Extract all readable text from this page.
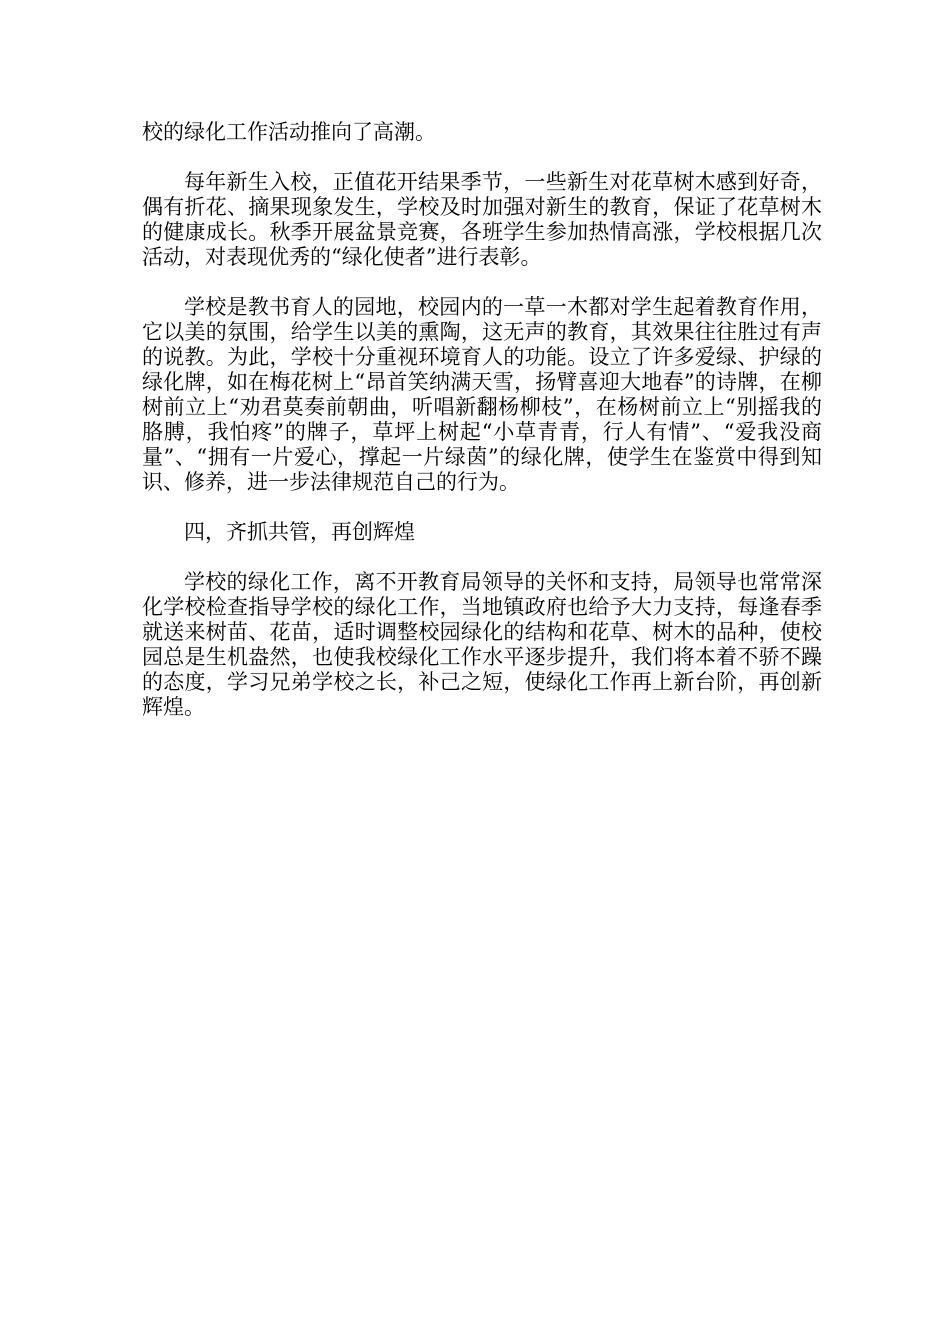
校的绿化工作活动推向了高潮。

每年新生入校，正值花开结果季节，一些新生对花草树木感到好奇，偶有折花、摘果现象发生，学校及时加强对新生的教育，保证了花草树木的健康成长。秋季开展盆景竞赛，各班学生参加热情高涨，学校根据几次活动，对表现优秀的“绿化使者”进行表彰。

学校是教书育人的园地，校园内的一草一木都对学生起着教育作用，它以美的氛围，给学生以美的熏陶，这无声的教育，其效果往往胜过有声的说教。为此，学校十分重视环境育人的功能。设立了许多爱绿、护绿的绿化牌，如在梅花树上“昂首笑纳满天雪，扬臂喜迎大地春”的诗牌，在柳树前立上“劝君莫奏前朝曲，听唱新翻杨柳枝”，在杨树前立上“别摇我的胳膊，我怕疼”的牌子，草坪上树起“小草青青，行人有情”、“爱我没商量”、“拥有一片爱心，撑起一片绿茵”的绿化牌，使学生在鉴赏中得到知识、修养，进一步法律规范自己的行为。

四，齐抓共管，再创辉煌

学校的绿化工作，离不开教育局领导的关怀和支持，局领导也常常深化学校检查指导学校的绿化工作，当地镇政府也给予大力支持，每逢春季就送来树苗、花苗，适时调整校园绿化的结构和花草、树木的品种，使校园总是生机盎然，也使我校绿化工作水平逐步提升，我们将本着不骄不躁的态度，学习兄弟学校之长，补己之短，使绿化工作再上新台阶，再创新辉煌。
